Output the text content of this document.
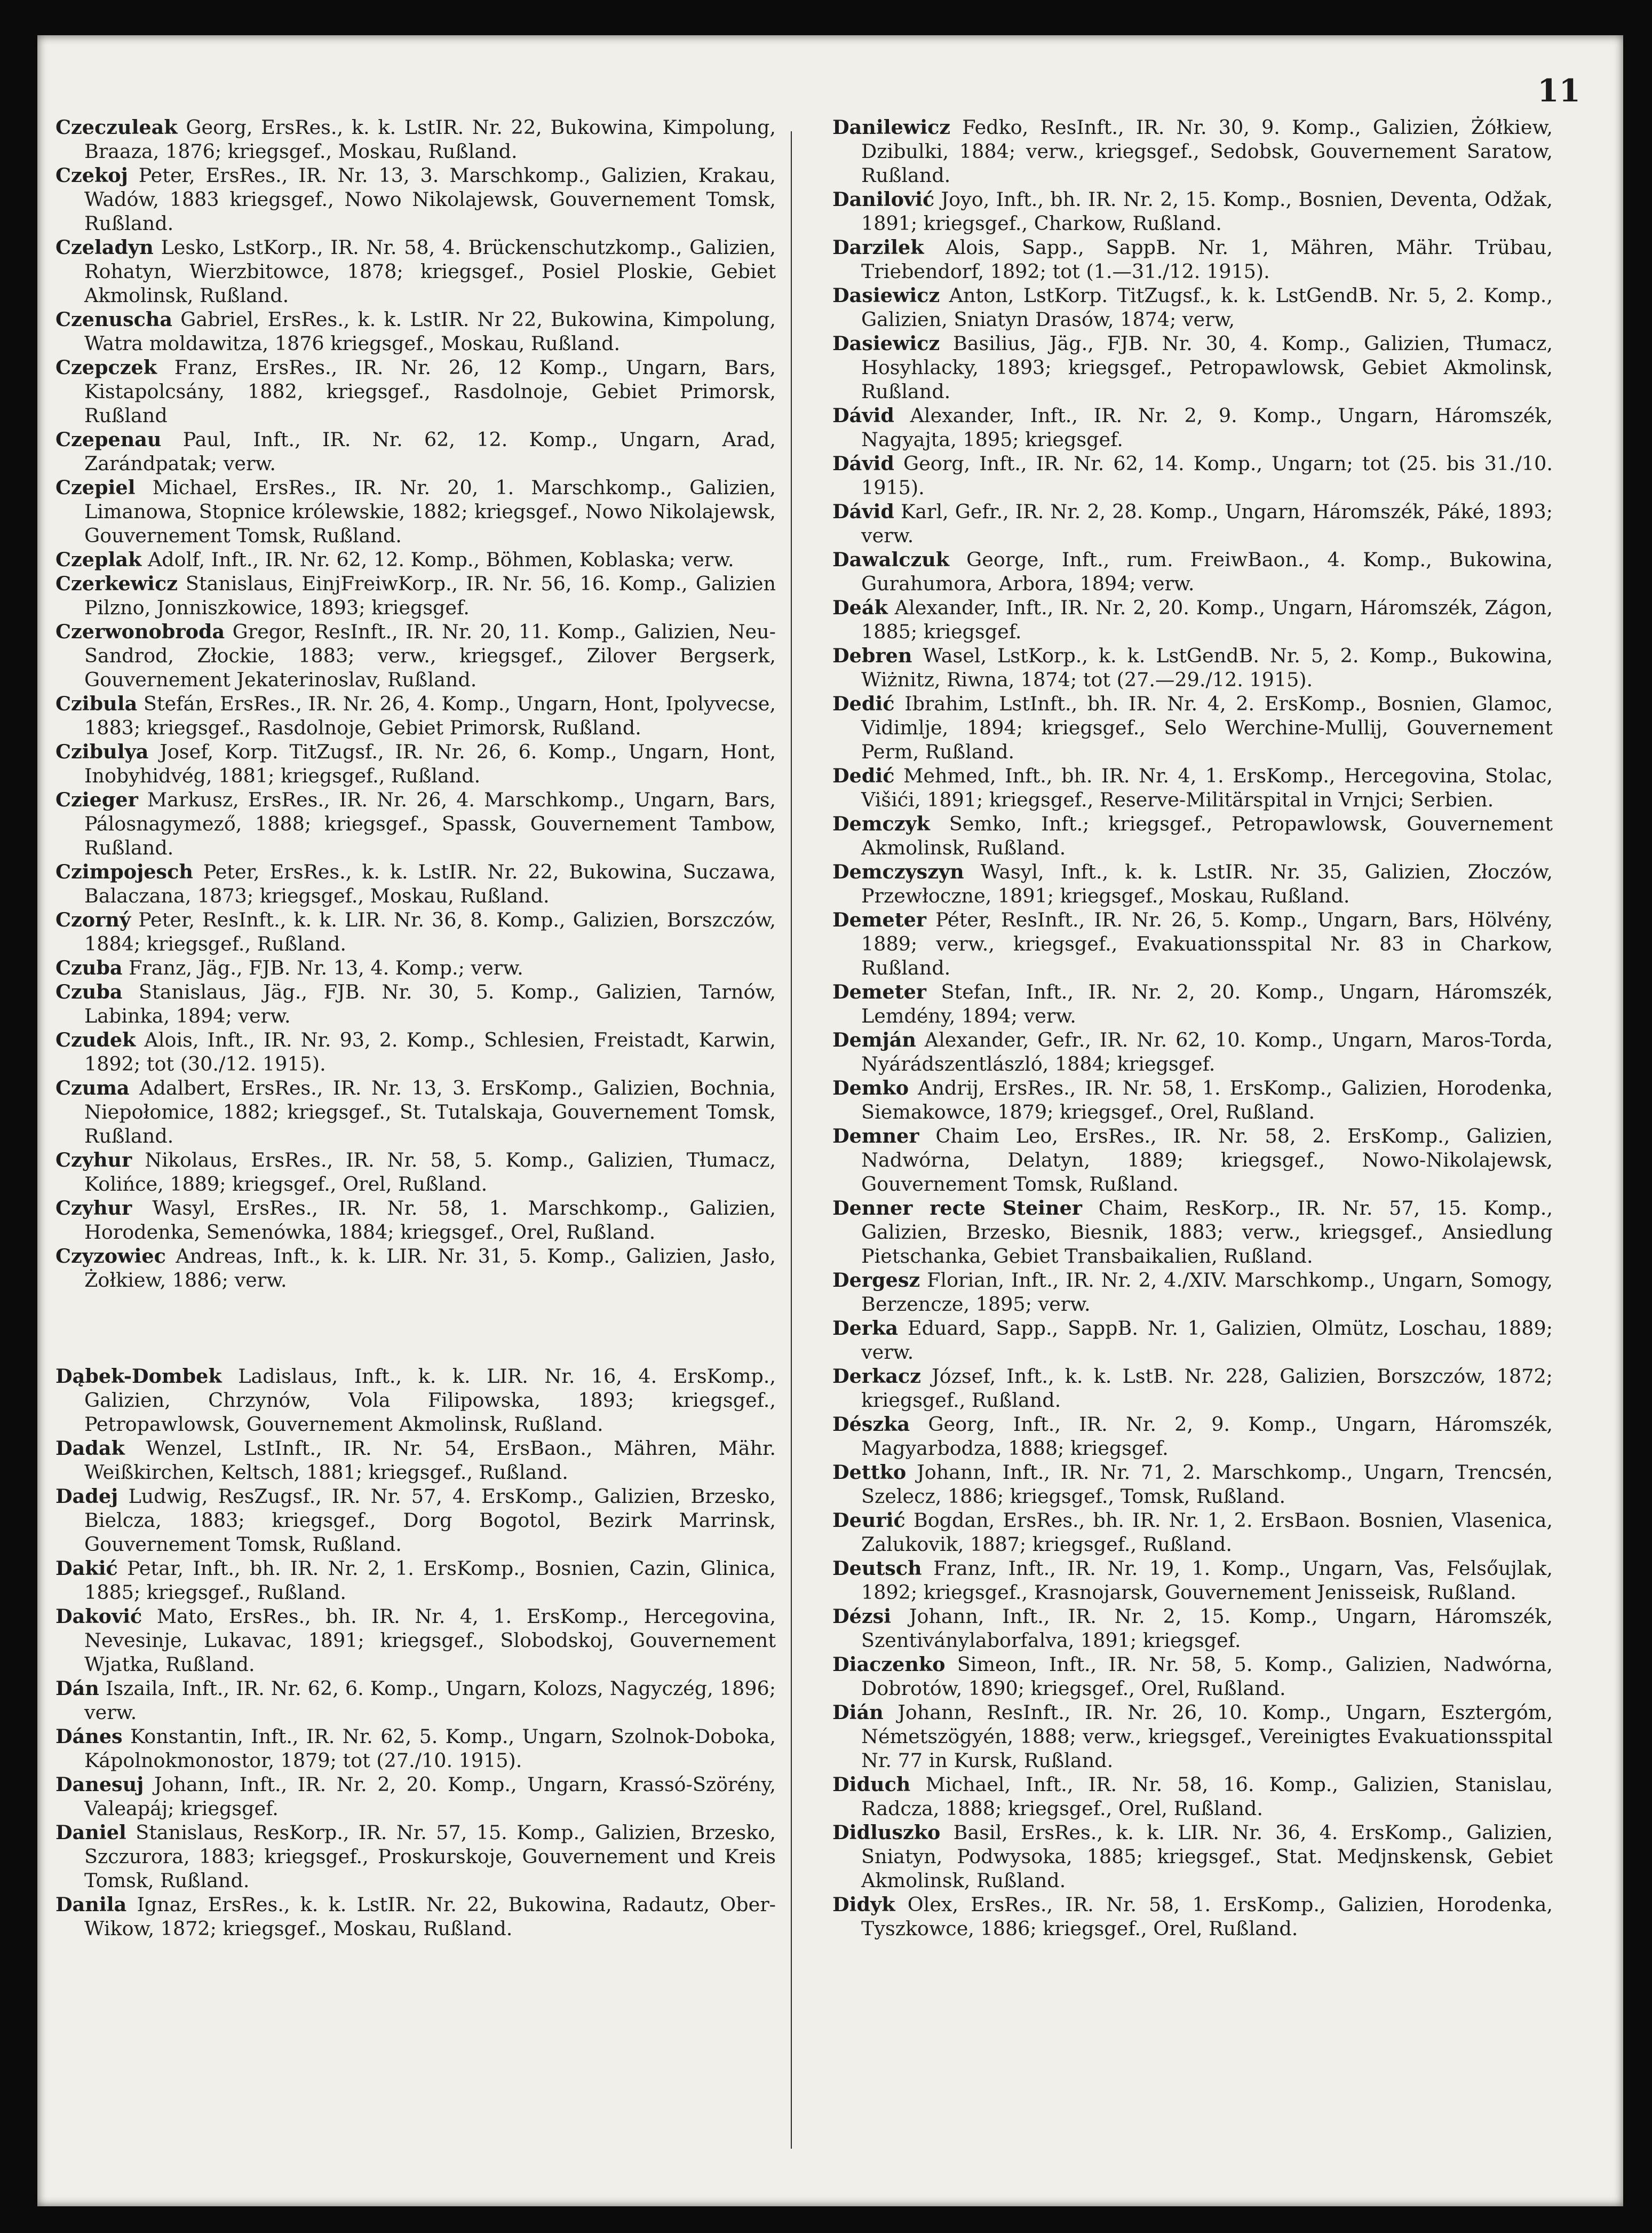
11

Czeczuleak Georg, ErsRes., k. k. LstIR. Nr. 22, Bukowina, Kimpolung, Braaza, 1876; kriegsgef., Moskau, Rußland.

Czekoj Peter, ErsRes., IR. Nr. 13, 3. Marschkomp., Galizien, Krakau, Wadów, 1883 kriegsgef., Nowo Nikolajewsk, Gouvernement Tomsk, Rußland.

Czeladyn Lesko, LstKorp., IR. Nr. 58, 4. Brückenschutzkomp., Galizien, Rohatyn, Wierzbitowce, 1878; kriegsgef., Posiel Ploskie, Gebiet Akmolinsk, Rußland.

Czenuscha Gabriel, ErsRes., k. k. LstIR. Nr 22, Bukowina, Kimpolung, Watra moldawitza, 1876 kriegsgef., Moskau, Rußland.

Czepczek Franz, ErsRes., IR. Nr. 26, 12 Komp., Ungarn, Bars, Kistapolcsány, 1882, kriegsgef., Rasdolnoje, Gebiet Primorsk, Rußland

Czepenau Paul, Inft., IR. Nr. 62, 12. Komp., Ungarn, Arad, Zarándpatak; verw.

Czepiel Michael, ErsRes., IR. Nr. 20, 1. Marschkomp., Galizien, Limanowa, Stopnice królewskie, 1882; kriegsgef., Nowo Nikolajewsk, Gouvernement Tomsk, Rußland.

Czeplak Adolf, Inft., IR. Nr. 62, 12. Komp., Böhmen, Koblaska; verw.

Czerkewicz Stanislaus, EinjFreiwKorp., IR. Nr. 56, 16. Komp., Galizien Pilzno, Jonniszkowice, 1893; kriegsgef.

Czerwonobroda Gregor, ResInft., IR. Nr. 20, 11. Komp., Galizien, Neu-Sandrod, Złockie, 1883; verw., kriegsgef., Zilover Bergserk, Gouvernement Jekaterinoslav, Rußland.

Czibula Stefán, ErsRes., IR. Nr. 26, 4. Komp., Ungarn, Hont, Ipolyvecse, 1883; kriegsgef., Rasdolnoje, Gebiet Primorsk, Rußland.

Czibulya Josef, Korp. TitZugsf., IR. Nr. 26, 6. Komp., Ungarn, Hont, Inobyhidvég, 1881; kriegsgef., Rußland.

Czieger Markusz, ErsRes., IR. Nr. 26, 4. Marschkomp., Ungarn, Bars, Pálosnagymező, 1888; kriegsgef., Spassk, Gouvernement Tambow, Rußland.

Czimpojesch Peter, ErsRes., k. k. LstIR. Nr. 22, Bukowina, Suczawa, Balaczana, 1873; kriegsgef., Moskau, Rußland.

Czorný Peter, ResInft., k. k. LIR. Nr. 36, 8. Komp., Galizien, Borszczów, 1884; kriegsgef., Rußland.

Czuba Franz, Jäg., FJB. Nr. 13, 4. Komp.; verw.

Czuba Stanislaus, Jäg., FJB. Nr. 30, 5. Komp., Galizien, Tarnów, Labinka, 1894; verw.

Czudek Alois, Inft., IR. Nr. 93, 2. Komp., Schlesien, Freistadt, Karwin, 1892; tot (30./12. 1915).

Czuma Adalbert, ErsRes., IR. Nr. 13, 3. ErsKomp., Galizien, Bochnia, Niepołomice, 1882; kriegsgef., St. Tutalskaja, Gouvernement Tomsk, Rußland.

Czyhur Nikolaus, ErsRes., IR. Nr. 58, 5. Komp., Galizien, Tłumacz, Kolińce, 1889; kriegsgef., Orel, Rußland.

Czyhur Wasyl, ErsRes., IR. Nr. 58, 1. Marschkomp., Galizien, Horodenka, Semenówka, 1884; kriegsgef., Orel, Rußland.

Czyzowiec Andreas, Inft., k. k. LIR. Nr. 31, 5. Komp., Galizien, Jasło, Żołkiew, 1886; verw.

Dąbek-Dombek Ladislaus, Inft., k. k. LIR. Nr. 16, 4. ErsKomp., Galizien, Chrzynów, Vola Filipowska, 1893; kriegsgef., Petropawlowsk, Gouvernement Akmolinsk, Rußland.

Dadak Wenzel, LstInft., IR. Nr. 54, ErsBaon., Mähren, Mähr. Weißkirchen, Keltsch, 1881; kriegsgef., Rußland.

Dadej Ludwig, ResZugsf., IR. Nr. 57, 4. ErsKomp., Galizien, Brzesko, Bielcza, 1883; kriegsgef., Dorg Bogotol, Bezirk Marrinsk, Gouvernement Tomsk, Rußland.

Dakić Petar, Inft., bh. IR. Nr. 2, 1. ErsKomp., Bosnien, Cazin, Glinica, 1885; kriegsgef., Rußland.

Daković Mato, ErsRes., bh. IR. Nr. 4, 1. ErsKomp., Hercegovina, Nevesinje, Lukavac, 1891; kriegsgef., Slobodskoj, Gouvernement Wjatka, Rußland.

Dán Iszaila, Inft., IR. Nr. 62, 6. Komp., Ungarn, Kolozs, Nagyczég, 1896; verw.

Dánes Konstantin, Inft., IR. Nr. 62, 5. Komp., Ungarn, Szolnok-Doboka, Kápolnokmonostor, 1879; tot (27./10. 1915).

Danesuj Johann, Inft., IR. Nr. 2, 20. Komp., Ungarn, Krassó-Szörény, Valeapáj; kriegsgef.

Daniel Stanislaus, ResKorp., IR. Nr. 57, 15. Komp., Galizien, Brzesko, Szczurora, 1883; kriegsgef., Proskurskoje, Gouvernement und Kreis Tomsk, Rußland.

Danila Ignaz, ErsRes., k. k. LstIR. Nr. 22, Bukowina, Radautz, Ober-Wikow, 1872; kriegsgef., Moskau, Rußland.

Danilewicz Fedko, ResInft., IR. Nr. 30, 9. Komp., Galizien, Żółkiew, Dzibulki, 1884; verw., kriegsgef., Sedobsk, Gouvernement Saratow, Rußland.

Danilović Joyo, Inft., bh. IR. Nr. 2, 15. Komp., Bosnien, Deventa, Odžak, 1891; kriegsgef., Charkow, Rußland.

Darzilek Alois, Sapp., SappB. Nr. 1, Mähren, Mähr. Trübau, Triebendorf, 1892; tot (1.—31./12. 1915).

Dasiewicz Anton, LstKorp. TitZugsf., k. k. LstGendB. Nr. 5, 2. Komp., Galizien, Sniatyn Drasów, 1874; verw,

Dasiewicz Basilius, Jäg., FJB. Nr. 30, 4. Komp., Galizien, Tłumacz, Hosyhlacky, 1893; kriegsgef., Petropawlowsk, Gebiet Akmolinsk, Rußland.

Dávid Alexander, Inft., IR. Nr. 2, 9. Komp., Ungarn, Háromszék, Nagyajta, 1895; kriegsgef.

Dávid Georg, Inft., IR. Nr. 62, 14. Komp., Ungarn; tot (25. bis 31./10. 1915).

Dávid Karl, Gefr., IR. Nr. 2, 28. Komp., Ungarn, Háromszék, Páké, 1893; verw.

Dawalczuk George, Inft., rum. FreiwBaon., 4. Komp., Bukowina, Gurahumora, Arbora, 1894; verw.

Deák Alexander, Inft., IR. Nr. 2, 20. Komp., Ungarn, Háromszék, Zágon, 1885; kriegsgef.

Debren Wasel, LstKorp., k. k. LstGendB. Nr. 5, 2. Komp., Bukowina, Wiżnitz, Riwna, 1874; tot (27.—29./12. 1915).

Dedić Ibrahim, LstInft., bh. IR. Nr. 4, 2. ErsKomp., Bosnien, Glamoc, Vidimlje, 1894; kriegsgef., Selo Werchine-Mullij, Gouvernement Perm, Rußland.

Dedić Mehmed, Inft., bh. IR. Nr. 4, 1. ErsKomp., Hercegovina, Stolac, Višići, 1891; kriegsgef., Reserve-Militärspital in Vrnjci; Serbien.

Demczyk Semko, Inft.; kriegsgef., Petropawlowsk, Gouvernement Akmolinsk, Rußland.

Demczyszyn Wasyl, Inft., k. k. LstIR. Nr. 35, Galizien, Złoczów, Przewłoczne, 1891; kriegsgef., Moskau, Rußland.

Demeter Péter, ResInft., IR. Nr. 26, 5. Komp., Ungarn, Bars, Hölvény, 1889; verw., kriegsgef., Evakuationsspital Nr. 83 in Charkow, Rußland.

Demeter Stefan, Inft., IR. Nr. 2, 20. Komp., Ungarn, Háromszék, Lemdény, 1894; verw.

Demján Alexander, Gefr., IR. Nr. 62, 10. Komp., Ungarn, Maros-Torda, Nyárádszentlászló, 1884; kriegsgef.

Demko Andrij, ErsRes., IR. Nr. 58, 1. ErsKomp., Galizien, Horodenka, Siemakowce, 1879; kriegsgef., Orel, Rußland.

Demner Chaim Leo, ErsRes., IR. Nr. 58, 2. ErsKomp., Galizien, Nadwórna, Delatyn, 1889; kriegsgef., Nowo-Nikolajewsk, Gouvernement Tomsk, Rußland.

Denner recte Steiner Chaim, ResKorp., IR. Nr. 57, 15. Komp., Galizien, Brzesko, Biesnik, 1883; verw., kriegsgef., Ansiedlung Pietschanka, Gebiet Transbaikalien, Rußland.

Dergesz Florian, Inft., IR. Nr. 2, 4./XIV. Marschkomp., Ungarn, Somogy, Berzencze, 1895; verw.

Derka Eduard, Sapp., SappB. Nr. 1, Galizien, Olmütz, Loschau, 1889; verw.

Derkacz József, Inft., k. k. LstB. Nr. 228, Galizien, Borszczów, 1872; kriegsgef., Rußland.

Dészka Georg, Inft., IR. Nr. 2, 9. Komp., Ungarn, Háromszék, Magyarbodza, 1888; kriegsgef.

Dettko Johann, Inft., IR. Nr. 71, 2. Marschkomp., Ungarn, Trencsén, Szelecz, 1886; kriegsgef., Tomsk, Rußland.

Deurić Bogdan, ErsRes., bh. IR. Nr. 1, 2. ErsBaon. Bosnien, Vlasenica, Zalukovik, 1887; kriegsgef., Rußland.

Deutsch Franz, Inft., IR. Nr. 19, 1. Komp., Ungarn, Vas, Felsőujlak, 1892; kriegsgef., Krasnojarsk, Gouvernement Jenisseisk, Rußland.

Dézsi Johann, Inft., IR. Nr. 2, 15. Komp., Ungarn, Háromszék, Szentiványlaborfalva, 1891; kriegsgef.

Diaczenko Simeon, Inft., IR. Nr. 58, 5. Komp., Galizien, Nadwórna, Dobrotów, 1890; kriegsgef., Orel, Rußland.

Dián Johann, ResInft., IR. Nr. 26, 10. Komp., Ungarn, Esztergóm, Németszögyén, 1888; verw., kriegsgef., Vereinigtes Evakuationsspital Nr. 77 in Kursk, Rußland.

Diduch Michael, Inft., IR. Nr. 58, 16. Komp., Galizien, Stanislau, Radcza, 1888; kriegsgef., Orel, Rußland.

Didluszko Basil, ErsRes., k. k. LIR. Nr. 36, 4. ErsKomp., Galizien, Sniatyn, Podwysoka, 1885; kriegsgef., Stat. Medjnskensk, Gebiet Akmolinsk, Rußland.

Didyk Olex, ErsRes., IR. Nr. 58, 1. ErsKomp., Galizien, Horodenka, Tyszkowce, 1886; kriegsgef., Orel, Rußland.
